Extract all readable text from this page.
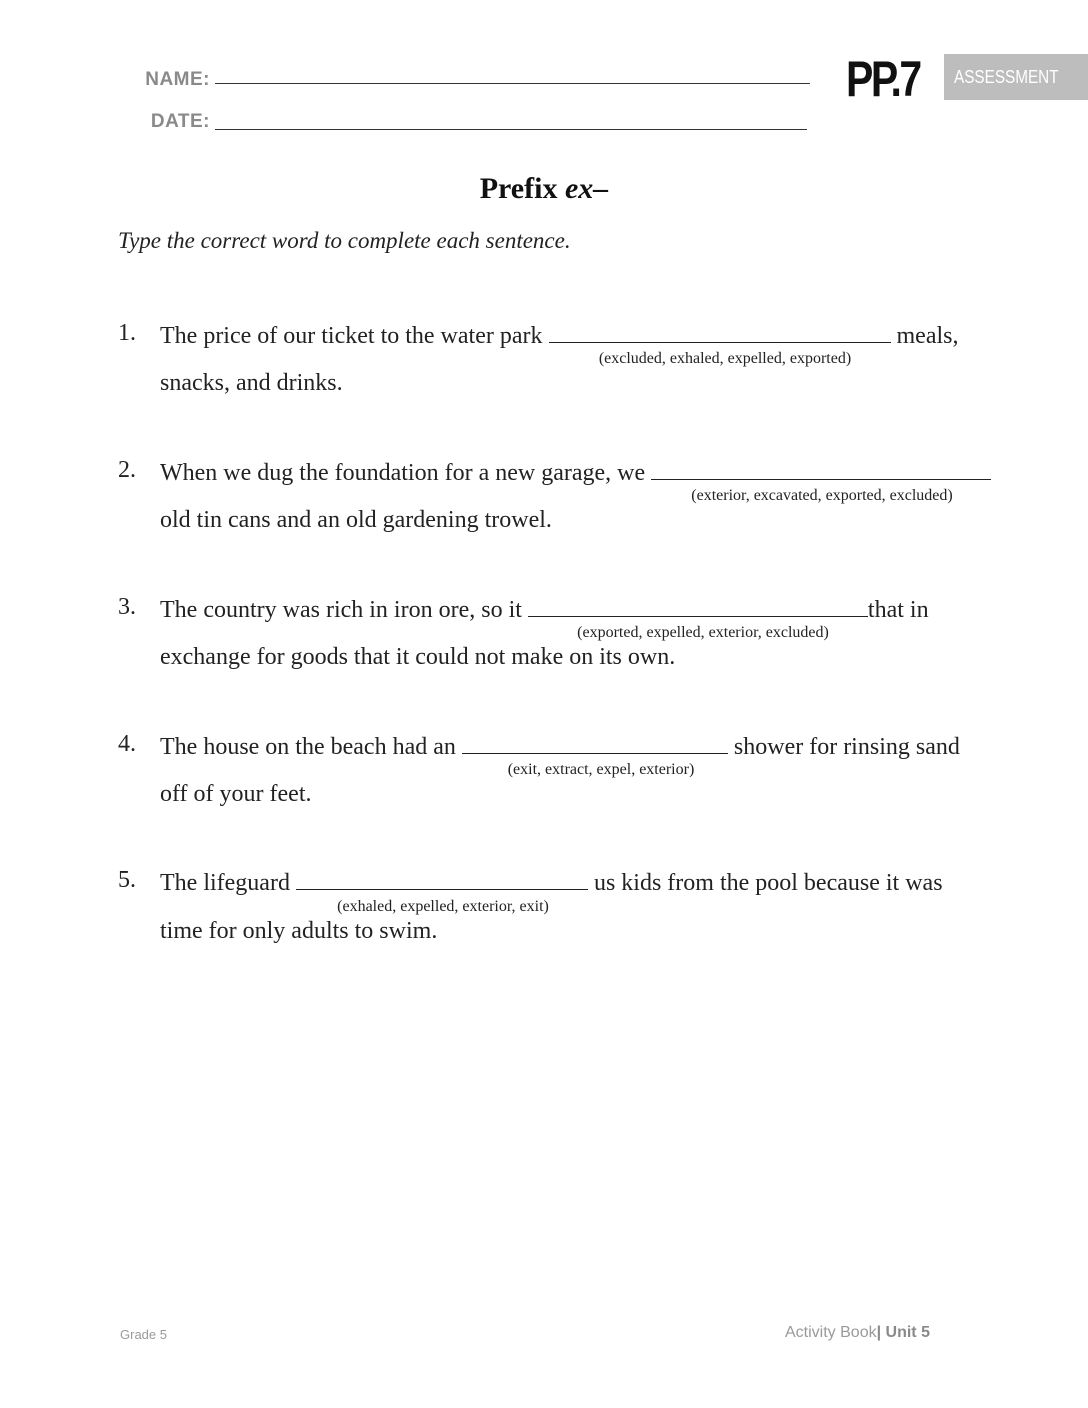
NAME:
DATE:
PP.7 ASSESSMENT
Prefix ex–
Type the correct word to complete each sentence.
1. The price of our ticket to the water park	meals,
(excluded, exhaled, expelled, exported)
snacks, and drinks.
2. When we dug the foundation for a new garage, we
(exterior, excavated, exported, excluded)
old tin cans and an old gardening trowel.
3. The country was rich in iron ore, so it	that in
(exported, expelled, exterior, excluded)
exchange for goods that it could not make on its own.
4. The house on the beach had an	shower for rinsing sand
(exit, extract, expel, exterior)
off of your feet.
5. The lifeguard	us kids from the pool because it was
(exhaled, expelled, exterior, exit)
time for only adults to swim.
Grade 5	Activity Book| Unit 5
